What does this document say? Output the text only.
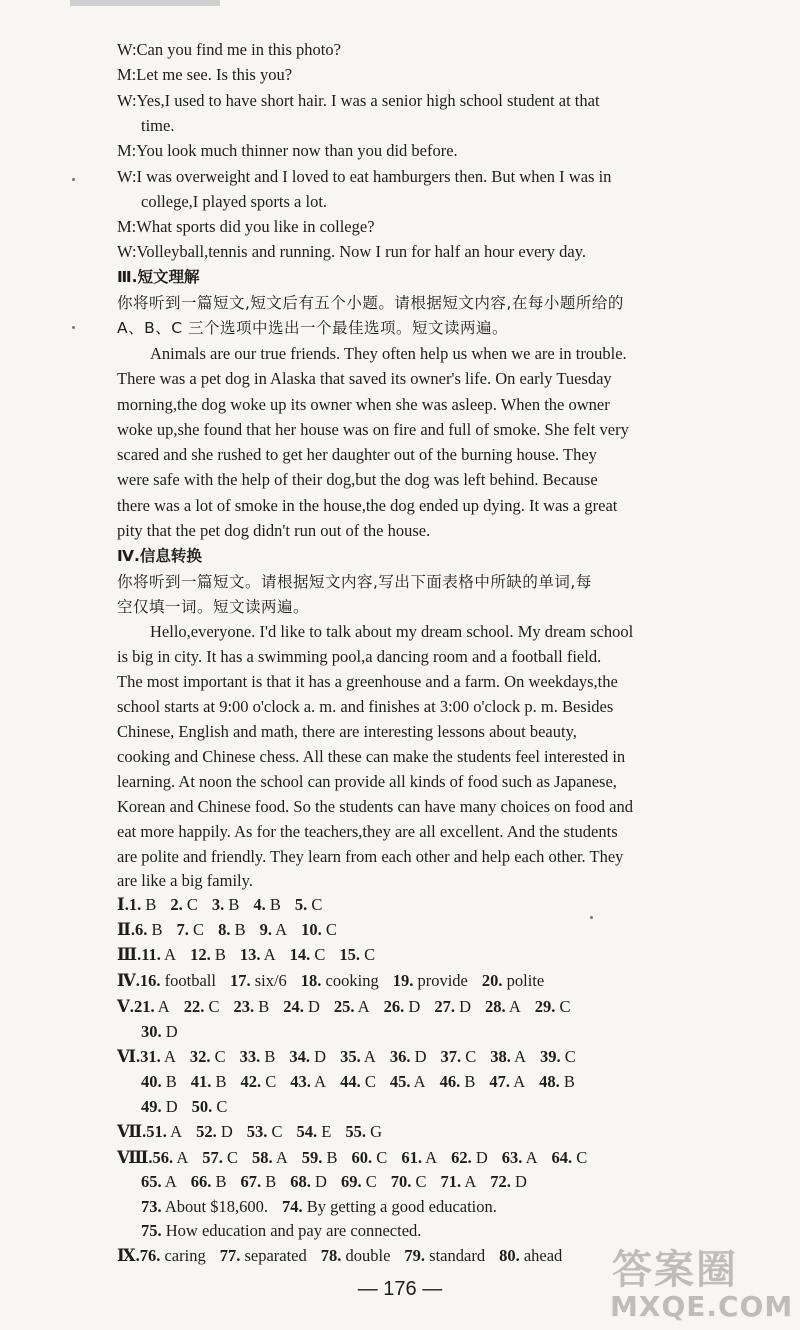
W:Can you find me in this photo?
M:Let me see. Is this you?
W:Yes,I used to have short hair. I was a senior high school student at that
time.
M:You look much thinner now than you did before.
W:I was overweight and I loved to eat hamburgers then. But when I was in
college,I played sports a lot.
M:What sports did you like in college?
W:Volleyball,tennis and running. Now I run for half an hour every day.
Ⅲ.短文理解
你将听到一篇短文,短文后有五个小题。请根据短文内容,在每小题所给的
A、B、C 三个选项中选出一个最佳选项。短文读两遍。
Animals are our true friends. They often help us when we are in trouble.
There was a pet dog in Alaska that saved its owner's life. On early Tuesday
morning,the dog woke up its owner when she was asleep. When the owner
woke up,she found that her house was on fire and full of smoke. She felt very
scared and she rushed to get her daughter out of the burning house. They
were safe with the help of their dog,but the dog was left behind. Because
there was a lot of smoke in the house,the dog ended up dying. It was a great
pity that the pet dog didn't run out of the house.
Ⅳ.信息转换
你将听到一篇短文。请根据短文内容,写出下面表格中所缺的单词,每
空仅填一词。短文读两遍。
Hello,everyone. I'd like to talk about my dream school. My dream school
is big in city. It has a swimming pool,a dancing room and a football field.
The most important is that it has a greenhouse and a farm. On weekdays,the
school starts at 9:00 o'clock a. m. and finishes at 3:00 o'clock p. m. Besides
Chinese, English and math, there are interesting lessons about beauty,
cooking and Chinese chess. All these can make the students feel interested in
learning. At noon the school can provide all kinds of food such as Japanese,
Korean and Chinese food. So the students can have many choices on food and
eat more happily. As for the teachers,they are all excellent. And the students
are polite and friendly. They learn from each other and help each other. They
are like a big family.
Ⅰ.1. B 2. C 3. B 4. B 5. C
Ⅱ.6. B 7. C 8. B 9. A 10. C
Ⅲ.11. A 12. B 13. A 14. C 15. C
Ⅳ.16. football 17. six/6 18. cooking 19. provide 20. polite
Ⅴ.21. A 22. C 23. B 24. D 25. A 26. D 27. D 28. A 29. C
30. D
Ⅵ.31. A 32. C 33. B 34. D 35. A 36. D 37. C 38. A 39. C
40. B 41. B 42. C 43. A 44. C 45. A 46. B 47. A 48. B
49. D 50. C
Ⅶ.51. A 52. D 53. C 54. E 55. G
Ⅷ.56. A 57. C 58. A 59. B 60. C 61. A 62. D 63. A 64. C
65. A 66. B 67. B 68. D 69. C 70. C 71. A 72. D
73. About $18,600. 74. By getting a good education.
75. How education and pay are connected.
Ⅸ.76. caring 77. separated 78. double 79. standard 80. ahead
— 176 —	答案圈
MXQE.COM
